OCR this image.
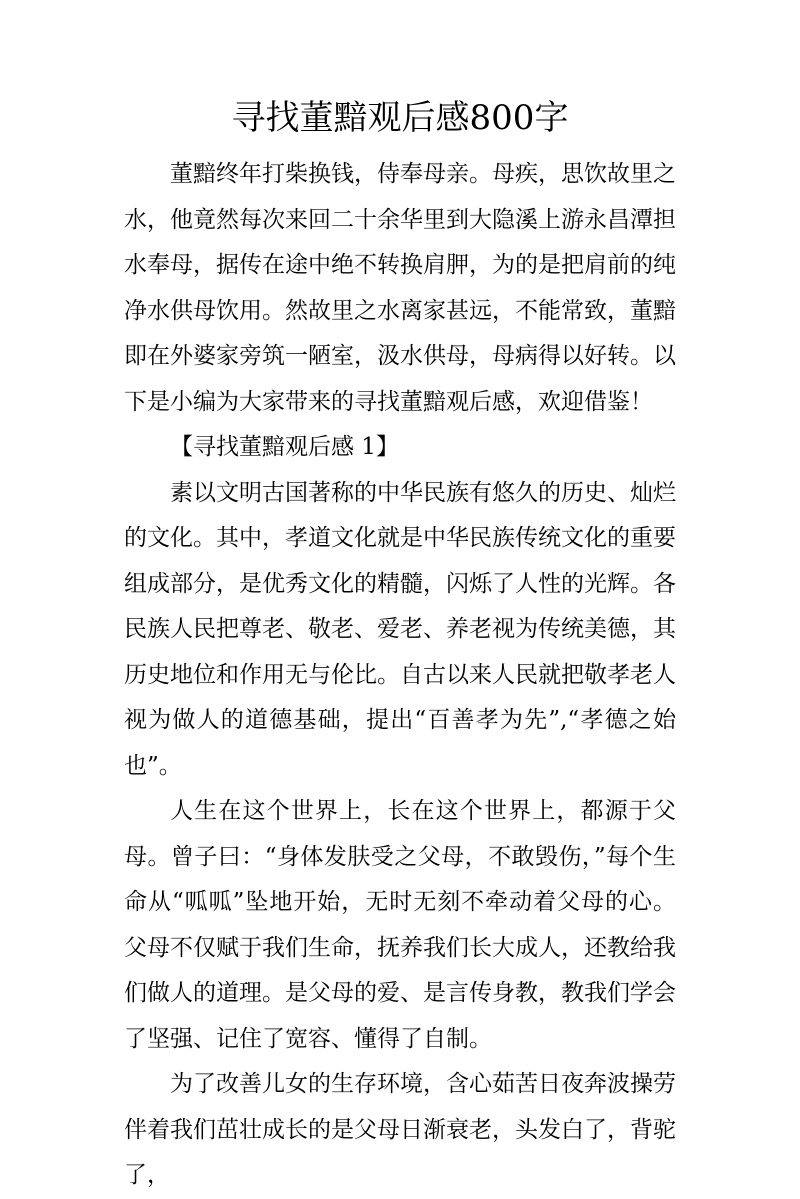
寻找董黯观后感800字

董黯终年打柴换钱，侍奉母亲。母疾，思饮故里之水，他竟然每次来回二十余华里到大隐溪上游永昌潭担水奉母，据传在途中绝不转换肩胛，为的是把肩前的纯净水供母饮用。然故里之水离家甚远，不能常致，董黯即在外婆家旁筑一陋室，汲水供母，母病得以好转。以下是小编为大家带来的寻找董黯观后感，欢迎借鉴！

【寻找董黯观后感 1】

素以文明古国著称的中华民族有悠久的历史、灿烂的文化。其中，孝道文化就是中华民族传统文化的重要组成部分，是优秀文化的精髓，闪烁了人性的光辉。各民族人民把尊老、敬老、爱老、养老视为传统美德，其历史地位和作用无与伦比。自古以来人民就把敬孝老人视为做人的道德基础，提出“百善孝为先”,“孝德之始也”。

人生在这个世界上，长在这个世界上，都源于父母。曾子曰：“身体发肤受之父母，不敢毁伤，”每个生命从“呱呱”坠地开始，无时无刻不牵动着父母的心。父母不仅赋于我们生命，抚养我们长大成人，还教给我们做人的道理。是父母的爱、是言传身教，教我们学会了坚强、记住了宽容、懂得了自制。

为了改善儿女的生存环境，含心茹苦日夜奔波操劳伴着我们茁壮成长的是父母日渐衰老，头发白了，背驼了，
